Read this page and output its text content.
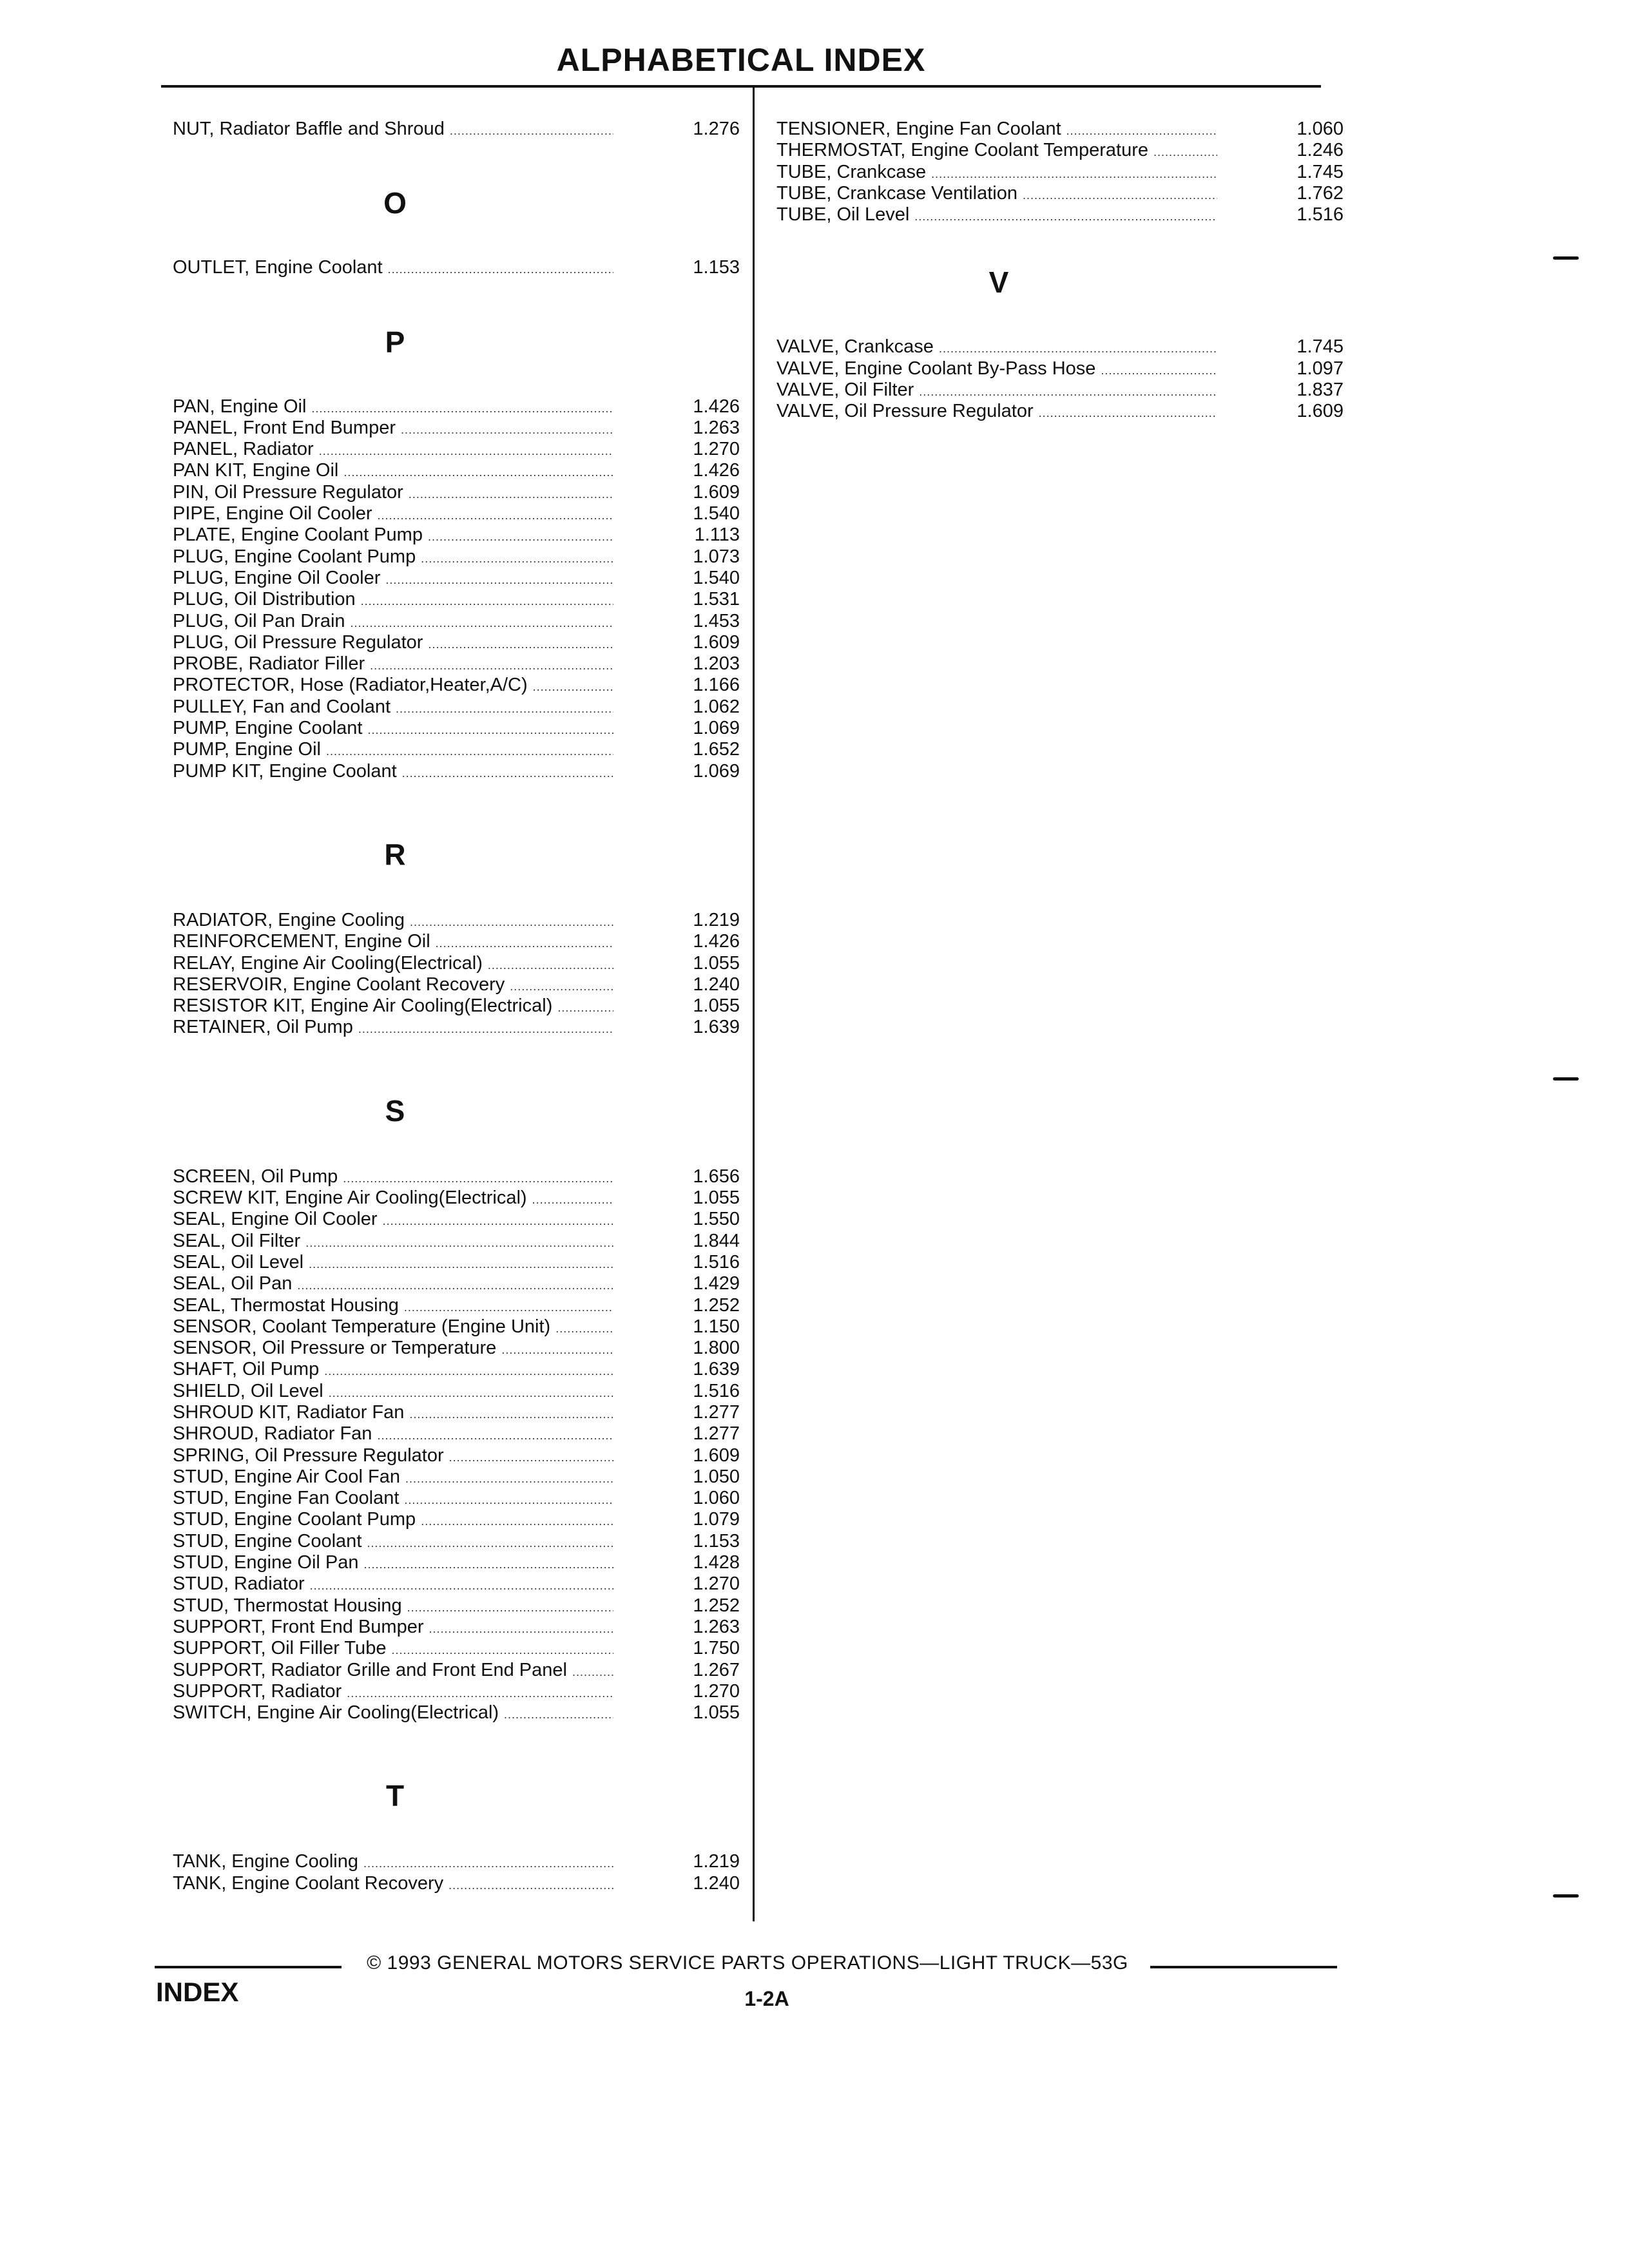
ALPHABETICAL INDEX
NUT, Radiator Baffle and Shroud .....	1.276
O
OUTLET, Engine Coolant .....	1.153
P
PAN, Engine Oil .....	1.426
PANEL, Front End Bumper .....	1.263
PANEL, Radiator .....	1.270
PAN KIT, Engine Oil .....	1.426
PIN, Oil Pressure Regulator .....	1.609
PIPE, Engine Oil Cooler .....	1.540
PLATE, Engine Coolant Pump .....	1.113
PLUG, Engine Coolant Pump .....	1.073
PLUG, Engine Oil Cooler .....	1.540
PLUG, Oil Distribution .....	1.531
PLUG, Oil Pan Drain .....	1.453
PLUG, Oil Pressure Regulator .....	1.609
PROBE, Radiator Filler .....	1.203
PROTECTOR, Hose (Radiator,Heater,A/C) .....	1.166
PULLEY, Fan and Coolant .....	1.062
PUMP, Engine Coolant .....	1.069
PUMP, Engine Oil .....	1.652
PUMP KIT, Engine Coolant .....	1.069
R
RADIATOR, Engine Cooling .....	1.219
REINFORCEMENT, Engine Oil .....	1.426
RELAY, Engine Air Cooling(Electrical) .....	1.055
RESERVOIR, Engine Coolant Recovery .....	1.240
RESISTOR KIT, Engine Air Cooling(Electrical) .....	1.055
RETAINER, Oil Pump .....	1.639
S
SCREEN, Oil Pump .....	1.656
SCREW KIT, Engine Air Cooling(Electrical) .....	1.055
SEAL, Engine Oil Cooler .....	1.550
SEAL, Oil Filter .....	1.844
SEAL, Oil Level .....	1.516
SEAL, Oil Pan .....	1.429
SEAL, Thermostat Housing .....	1.252
SENSOR, Coolant Temperature (Engine Unit) .....	1.150
SENSOR, Oil Pressure or Temperature .....	1.800
SHAFT, Oil Pump .....	1.639
SHIELD, Oil Level .....	1.516
SHROUD KIT, Radiator Fan .....	1.277
SHROUD, Radiator Fan .....	1.277
SPRING, Oil Pressure Regulator .....	1.609
STUD, Engine Air Cool Fan .....	1.050
STUD, Engine Fan Coolant .....	1.060
STUD, Engine Coolant Pump .....	1.079
STUD, Engine Coolant .....	1.153
STUD, Engine Oil Pan .....	1.428
STUD, Radiator .....	1.270
STUD, Thermostat Housing .....	1.252
SUPPORT, Front End Bumper .....	1.263
SUPPORT, Oil Filler Tube .....	1.750
SUPPORT, Radiator Grille and Front End Panel .....	1.267
SUPPORT, Radiator .....	1.270
SWITCH, Engine Air Cooling(Electrical) .....	1.055
T
TANK, Engine Cooling .....	1.219
TANK, Engine Coolant Recovery .....	1.240
TENSIONER, Engine Fan Coolant .....	1.060
THERMOSTAT, Engine Coolant Temperature .....	1.246
TUBE, Crankcase .....	1.745
TUBE, Crankcase Ventilation .....	1.762
TUBE, Oil Level .....	1.516
V
VALVE, Crankcase .....	1.745
VALVE, Engine Coolant By-Pass Hose .....	1.097
VALVE, Oil Filter .....	1.837
VALVE, Oil Pressure Regulator .....	1.609
© 1993 GENERAL MOTORS SERVICE PARTS OPERATIONS—LIGHT TRUCK—53G
INDEX	1-2A
